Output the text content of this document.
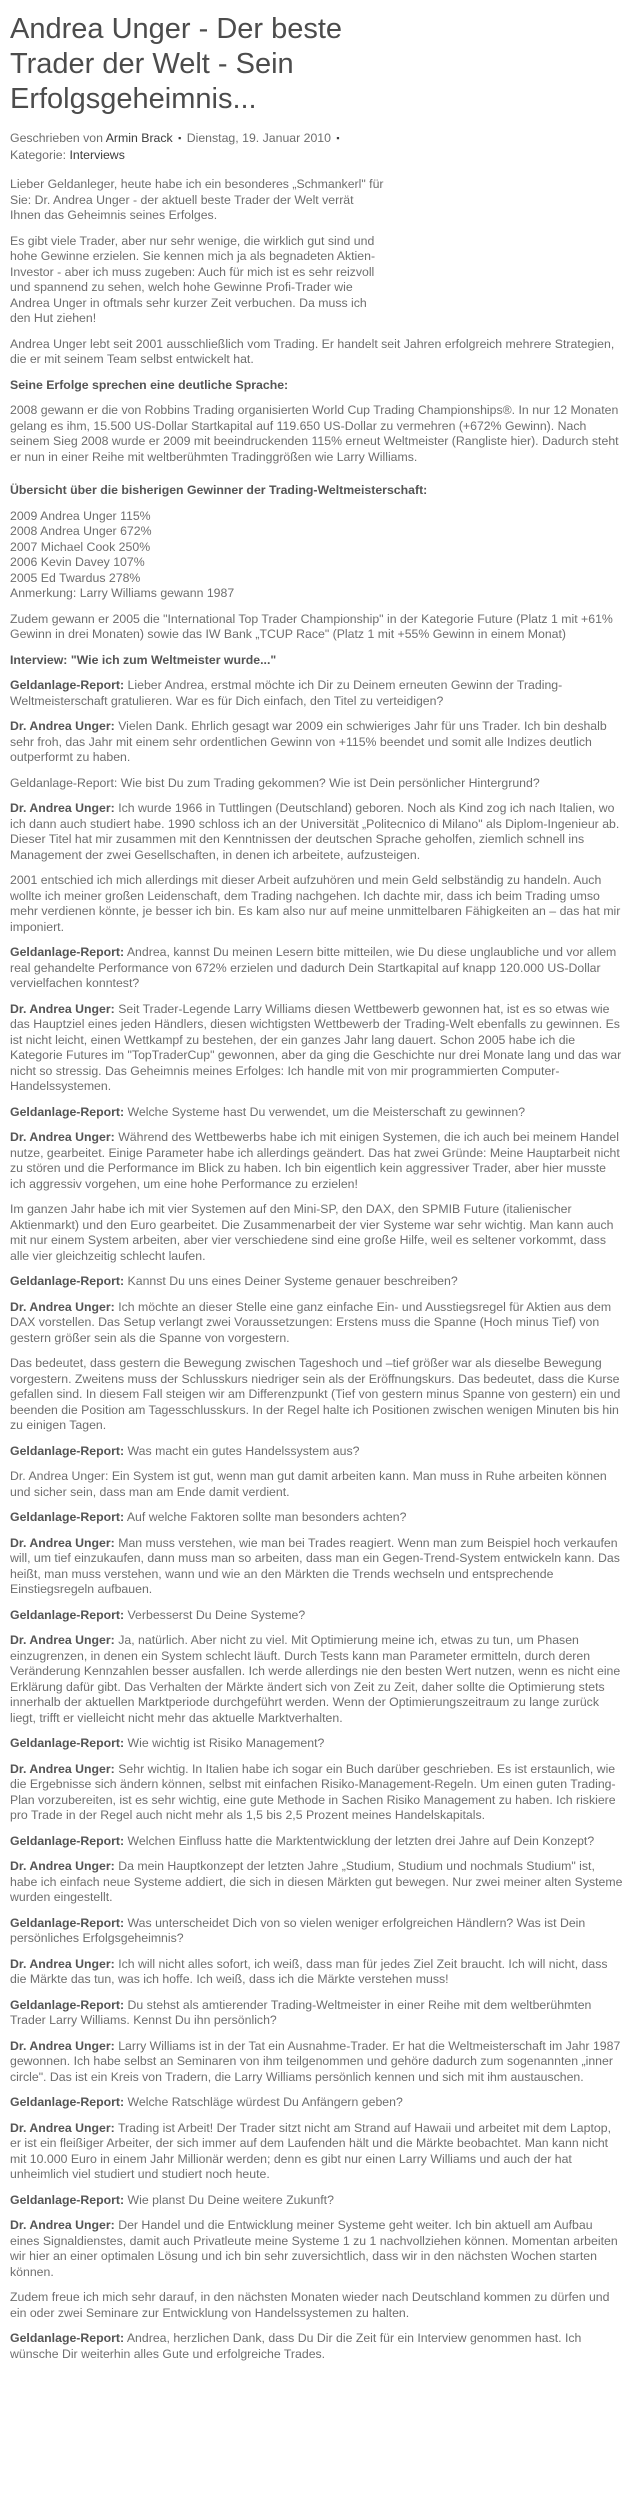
Andrea Unger - Der beste Trader der Welt - Sein Erfolgsgeheimnis...
Geschrieben von Armin Brack ▪ Dienstag, 19. Januar 2010 ▪ Kategorie: Interviews

Lieber Geldanleger, heute habe ich ein besonderes „Schmankerl" für Sie: Dr. Andrea Unger - der aktuell beste Trader der Welt verrät Ihnen das Geheimnis seines Erfolges.

Es gibt viele Trader, aber nur sehr wenige, die wirklich gut sind und hohe Gewinne erzielen. Sie kennen mich ja als begnadeten Aktien-Investor - aber ich muss zugeben: Auch für mich ist es sehr reizvoll und spannend zu sehen, welch hohe Gewinne Profi-Trader wie Andrea Unger in oftmals sehr kurzer Zeit verbuchen. Da muss ich den Hut ziehen!

Andrea Unger lebt seit 2001 ausschließlich vom Trading. Er handelt seit Jahren erfolgreich mehrere Strategien, die er mit seinem Team selbst entwickelt hat.

Seine Erfolge sprechen eine deutliche Sprache:

2008 gewann er die von Robbins Trading organisierten World Cup Trading Championships®. In nur 12 Monaten gelang es ihm, 15.500 US-Dollar Startkapital auf 119.650 US-Dollar zu vermehren (+672% Gewinn). Nach seinem Sieg 2008 wurde er 2009 mit beeindruckenden 115% erneut Weltmeister (Rangliste hier). Dadurch steht er nun in einer Reihe mit weltberühmten Tradinggrößen wie Larry Williams.

Übersicht über die bisherigen Gewinner der Trading-Weltmeisterschaft:

2009 Andrea Unger 115%
2008 Andrea Unger 672%
2007 Michael Cook 250%
2006 Kevin Davey 107%
2005 Ed Twardus 278%
Anmerkung: Larry Williams gewann 1987

Zudem gewann er 2005 die "International Top Trader Championship" in der Kategorie Future (Platz 1 mit +61% Gewinn in drei Monaten) sowie das IW Bank „TCUP Race" (Platz 1 mit +55% Gewinn in einem Monat)

Interview: "Wie ich zum Weltmeister wurde..."

Geldanlage-Report: Lieber Andrea, erstmal möchte ich Dir zu Deinem erneuten Gewinn der Trading-Weltmeisterschaft gratulieren. War es für Dich einfach, den Titel zu verteidigen?

Dr. Andrea Unger: Vielen Dank. Ehrlich gesagt war 2009 ein schwieriges Jahr für uns Trader. Ich bin deshalb sehr froh, das Jahr mit einem sehr ordentlichen Gewinn von +115% beendet und somit alle Indizes deutlich outperformt zu haben.

Geldanlage-Report: Wie bist Du zum Trading gekommen? Wie ist Dein persönlicher Hintergrund?

Dr. Andrea Unger: Ich wurde 1966 in Tuttlingen (Deutschland) geboren. Noch als Kind zog ich nach Italien, wo ich dann auch studiert habe. 1990 schloss ich an der Universität „Politecnico di Milano" als Diplom-Ingenieur ab. Dieser Titel hat mir zusammen mit den Kenntnissen der deutschen Sprache geholfen, ziemlich schnell ins Management der zwei Gesellschaften, in denen ich arbeitete, aufzusteigen.

2001 entschied ich mich allerdings mit dieser Arbeit aufzuhören und mein Geld selbständig zu handeln. Auch wollte ich meiner großen Leidenschaft, dem Trading nachgehen. Ich dachte mir, dass ich beim Trading umso mehr verdienen könnte, je besser ich bin. Es kam also nur auf meine unmittelbaren Fähigkeiten an – das hat mir imponiert.

Geldanlage-Report: Andrea, kannst Du meinen Lesern bitte mitteilen, wie Du diese unglaubliche und vor allem real gehandelte Performance von 672% erzielen und dadurch Dein Startkapital auf knapp 120.000 US-Dollar vervielfachen konntest?

Dr. Andrea Unger: Seit Trader-Legende Larry Williams diesen Wettbewerb gewonnen hat, ist es so etwas wie das Hauptziel eines jeden Händlers, diesen wichtigsten Wettbewerb der Trading-Welt ebenfalls zu gewinnen. Es ist nicht leicht, einen Wettkampf zu bestehen, der ein ganzes Jahr lang dauert. Schon 2005 habe ich die Kategorie Futures im "TopTraderCup" gewonnen, aber da ging die Geschichte nur drei Monate lang und das war nicht so stressig. Das Geheimnis meines Erfolges: Ich handle mit von mir programmierten Computer-Handelssystemen.

Geldanlage-Report: Welche Systeme hast Du verwendet, um die Meisterschaft zu gewinnen?

Dr. Andrea Unger: Während des Wettbewerbs habe ich mit einigen Systemen, die ich auch bei meinem Handel nutze, gearbeitet. Einige Parameter habe ich allerdings geändert. Das hat zwei Gründe: Meine Hauptarbeit nicht zu stören und die Performance im Blick zu haben. Ich bin eigentlich kein aggressiver Trader, aber hier musste ich aggressiv vorgehen, um eine hohe Performance zu erzielen!

Im ganzen Jahr habe ich mit vier Systemen auf den Mini-SP, den DAX, den SPMIB Future (italienischer Aktienmarkt) und den Euro gearbeitet. Die Zusammenarbeit der vier Systeme war sehr wichtig. Man kann auch mit nur einem System arbeiten, aber vier verschiedene sind eine große Hilfe, weil es seltener vorkommt, dass alle vier gleichzeitig schlecht laufen.

Geldanlage-Report: Kannst Du uns eines Deiner Systeme genauer beschreiben?

Dr. Andrea Unger: Ich möchte an dieser Stelle eine ganz einfache Ein- und Ausstiegsregel für Aktien aus dem DAX vorstellen. Das Setup verlangt zwei Voraussetzungen: Erstens muss die Spanne (Hoch minus Tief) von gestern größer sein als die Spanne von vorgestern.

Das bedeutet, dass gestern die Bewegung zwischen Tageshoch und –tief größer war als dieselbe Bewegung vorgestern. Zweitens muss der Schlusskurs niedriger sein als der Eröffnungskurs. Das bedeutet, dass die Kurse gefallen sind. In diesem Fall steigen wir am Differenzpunkt (Tief von gestern minus Spanne von gestern) ein und beenden die Position am Tagesschlusskurs. In der Regel halte ich Positionen zwischen wenigen Minuten bis hin zu einigen Tagen.

Geldanlage-Report: Was macht ein gutes Handelssystem aus?

Dr. Andrea Unger: Ein System ist gut, wenn man gut damit arbeiten kann. Man muss in Ruhe arbeiten können und sicher sein, dass man am Ende damit verdient.

Geldanlage-Report: Auf welche Faktoren sollte man besonders achten?

Dr. Andrea Unger: Man muss verstehen, wie man bei Trades reagiert. Wenn man zum Beispiel hoch verkaufen will, um tief einzukaufen, dann muss man so arbeiten, dass man ein Gegen-Trend-System entwickeln kann. Das heißt, man muss verstehen, wann und wie an den Märkten die Trends wechseln und entsprechende Einstiegsregeln aufbauen.

Geldanlage-Report: Verbesserst Du Deine Systeme?

Dr. Andrea Unger: Ja, natürlich. Aber nicht zu viel. Mit Optimierung meine ich, etwas zu tun, um Phasen einzugrenzen, in denen ein System schlecht läuft. Durch Tests kann man Parameter ermitteln, durch deren Veränderung Kennzahlen besser ausfallen. Ich werde allerdings nie den besten Wert nutzen, wenn es nicht eine Erklärung dafür gibt. Das Verhalten der Märkte ändert sich von Zeit zu Zeit, daher sollte die Optimierung stets innerhalb der aktuellen Marktperiode durchgeführt werden. Wenn der Optimierungszeitraum zu lange zurück liegt, trifft er vielleicht nicht mehr das aktuelle Marktverhalten.

Geldanlage-Report: Wie wichtig ist Risiko Management?

Dr. Andrea Unger: Sehr wichtig. In Italien habe ich sogar ein Buch darüber geschrieben. Es ist erstaunlich, wie die Ergebnisse sich ändern können, selbst mit einfachen Risiko-Management-Regeln. Um einen guten Trading-Plan vorzubereiten, ist es sehr wichtig, eine gute Methode in Sachen Risiko Management zu haben. Ich riskiere pro Trade in der Regel auch nicht mehr als 1,5 bis 2,5 Prozent meines Handelskapitals.

Geldanlage-Report: Welchen Einfluss hatte die Marktentwicklung der letzten drei Jahre auf Dein Konzept?

Dr. Andrea Unger: Da mein Hauptkonzept der letzten Jahre „Studium, Studium und nochmals Studium" ist, habe ich einfach neue Systeme addiert, die sich in diesen Märkten gut bewegen. Nur zwei meiner alten Systeme wurden eingestellt.

Geldanlage-Report: Was unterscheidet Dich von so vielen weniger erfolgreichen Händlern? Was ist Dein persönliches Erfolgsgeheimnis?

Dr. Andrea Unger: Ich will nicht alles sofort, ich weiß, dass man für jedes Ziel Zeit braucht. Ich will nicht, dass die Märkte das tun, was ich hoffe. Ich weiß, dass ich die Märkte verstehen muss!

Geldanlage-Report: Du stehst als amtierender Trading-Weltmeister in einer Reihe mit dem weltberühmten Trader Larry Williams. Kennst Du ihn persönlich?

Dr. Andrea Unger: Larry Williams ist in der Tat ein Ausnahme-Trader. Er hat die Weltmeisterschaft im Jahr 1987 gewonnen. Ich habe selbst an Seminaren von ihm teilgenommen und gehöre dadurch zum sogenannten „inner circle". Das ist ein Kreis von Tradern, die Larry Williams persönlich kennen und sich mit ihm austauschen.

Geldanlage-Report: Welche Ratschläge würdest Du Anfängern geben?

Dr. Andrea Unger: Trading ist Arbeit! Der Trader sitzt nicht am Strand auf Hawaii und arbeitet mit dem Laptop, er ist ein fleißiger Arbeiter, der sich immer auf dem Laufenden hält und die Märkte beobachtet. Man kann nicht mit 10.000 Euro in einem Jahr Millionär werden; denn es gibt nur einen Larry Williams und auch der hat unheimlich viel studiert und studiert noch heute.

Geldanlage-Report: Wie planst Du Deine weitere Zukunft?

Dr. Andrea Unger: Der Handel und die Entwicklung meiner Systeme geht weiter. Ich bin aktuell am Aufbau eines Signaldienstes, damit auch Privatleute meine Systeme 1 zu 1 nachvollziehen können. Momentan arbeiten wir hier an einer optimalen Lösung und ich bin sehr zuversichtlich, dass wir in den nächsten Wochen starten können.

Zudem freue ich mich sehr darauf, in den nächsten Monaten wieder nach Deutschland kommen zu dürfen und ein oder zwei Seminare zur Entwicklung von Handelssystemen zu halten.

Geldanlage-Report: Andrea, herzlichen Dank, dass Du Dir die Zeit für ein Interview genommen hast. Ich wünsche Dir weiterhin alles Gute und erfolgreiche Trades.
